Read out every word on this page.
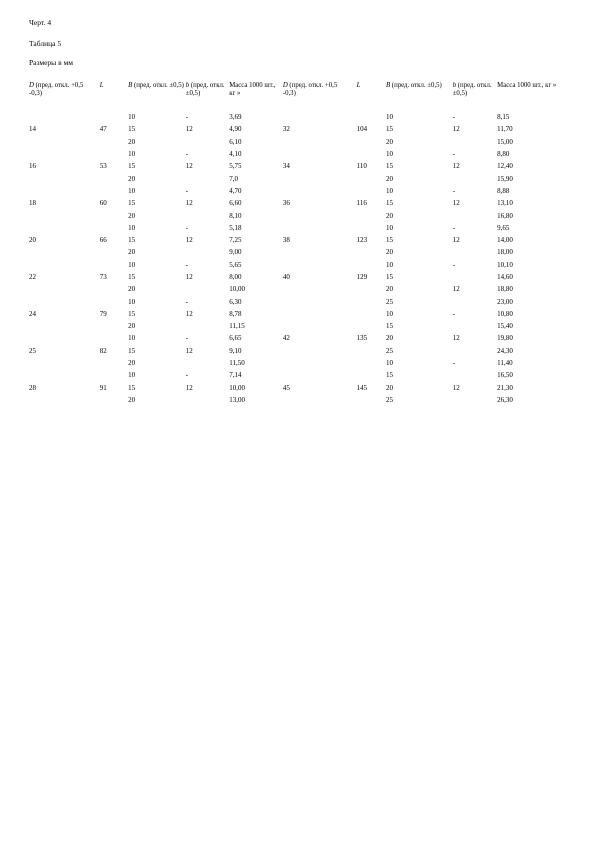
Черт. 4

Таблица 5

Размеры в мм

D (пред. откл. +0,5
-0,3)	L	B (пред. откл. ±0,5)	b (пред. откл. ±0,5)	Масса 1000 шт., кг »	D (пред. откл. +0,5
-0,3)	L	B (пред. откл. ±0,5)	b (пред. откл. ±0,5)	Масса 1000 шт., кг »
		10	-	3,69			10	-	8,15
14	47	15	12	4,90	32	104	15	12	11,70
		20		6,10			20		15,00
		10	-	4,10			10	-	8,80
16	53	15	12	5,75	34	110	15	12	12,40
		20		7,0			20		15,90
		10	-	4,70			10	-	8,88
18	60	15	12	6,60	36	116	15	12	13,10
		20		8,10			20		16,80
		10	-	5,18			10	-	9,65
20	66	15	12	7,25	38	123	15	12	14,00
		20		9,00			20		18,00
		10	-	5,65			10	-	10,10
22	73	15	12	8,00	40	129	15		14,60
		20		10,00			20	12	18,80
		10	-	6,30			25		23,00
24	79	15	12	8,78			10	-	10,80
		20		11,15			15		15,40
		10	-	6,65	42	135	20	12	19,80
25	82	15	12	9,10			25		24,30
		20		11,50			10	-	11,40
		10	-	7,14			15		16,50
28	91	15	12	10,00	45	145	20	12	21,30
		20		13,00			25		26,30
